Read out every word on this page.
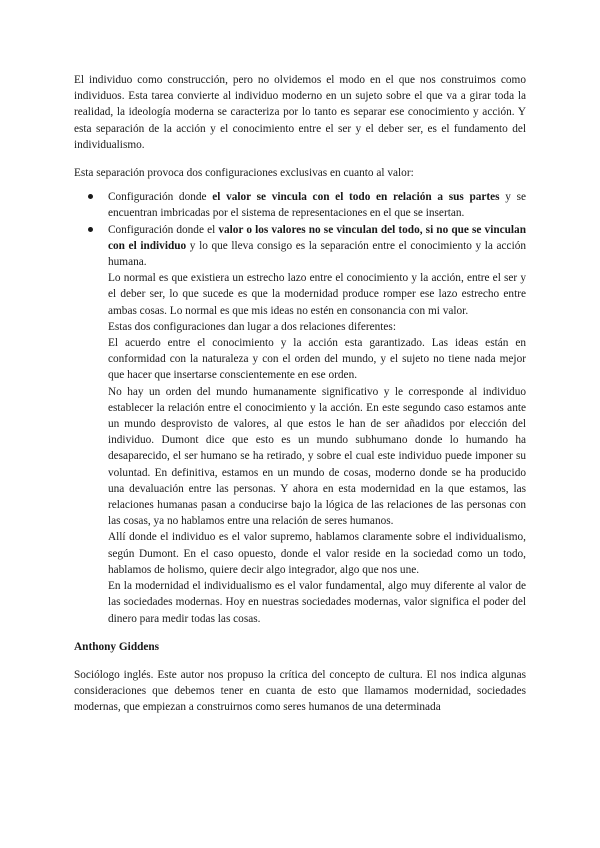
El individuo como construcción, pero no olvidemos el modo en el que nos construimos como individuos. Esta tarea convierte al individuo moderno en un sujeto sobre el que va a girar toda la realidad, la ideología moderna se caracteriza por lo tanto es separar ese conocimiento y acción. Y esta separación de la acción y el conocimiento entre el ser y el deber ser, es el fundamento del individualismo.

Esta separación provoca dos configuraciones exclusivas en cuanto al valor:

Configuración donde el valor se vincula con el todo en relación a sus partes y se encuentran imbricadas por el sistema de representaciones en el que se insertan.
Configuración donde el valor o los valores no se vinculan del todo, si no que se vinculan con el individuo y lo que lleva consigo es la separación entre el conocimiento y la acción humana.

Lo normal es que existiera un estrecho lazo entre el conocimiento y la acción, entre el ser y el deber ser, lo que sucede es que la modernidad produce romper ese lazo estrecho entre ambas cosas. Lo normal es que mis ideas no estén en consonancia con mi valor.

Estas dos configuraciones dan lugar a dos relaciones diferentes:

El acuerdo entre el conocimiento y la acción esta garantizado. Las ideas están en conformidad con la naturaleza y con el orden del mundo, y el sujeto no tiene nada mejor que hacer que insertarse conscientemente en ese orden.

No hay un orden del mundo humanamente significativo y le corresponde al individuo establecer la relación entre el conocimiento y la acción. En este segundo caso estamos ante un mundo desprovisto de valores, al que estos le han de ser añadidos por elección del individuo. Dumont dice que esto es un mundo subhumano donde lo humando ha desaparecido, el ser humano se ha retirado, y sobre el cual este individuo puede imponer su voluntad. En definitiva, estamos en un mundo de cosas, moderno donde se ha producido una devaluación entre las personas. Y ahora en esta modernidad en la que estamos, las relaciones humanas pasan a conducirse bajo la lógica de las relaciones de las personas con las cosas, ya no hablamos entre una relación de seres humanos.

Allí donde el individuo es el valor supremo, hablamos claramente sobre el individualismo, según Dumont. En el caso opuesto, donde el valor reside en la sociedad como un todo, hablamos de holismo, quiere decir algo integrador, algo que nos une.

En la modernidad el individualismo es el valor fundamental, algo muy diferente al valor de las sociedades modernas. Hoy en nuestras sociedades modernas, valor significa el poder del dinero para medir todas las cosas.

Anthony Giddens

Sociólogo inglés. Este autor nos propuso la crítica del concepto de cultura. El nos indica algunas consideraciones que debemos tener en cuanta de esto que llamamos modernidad, sociedades modernas, que empiezan a construirnos como seres humanos de una determinada
